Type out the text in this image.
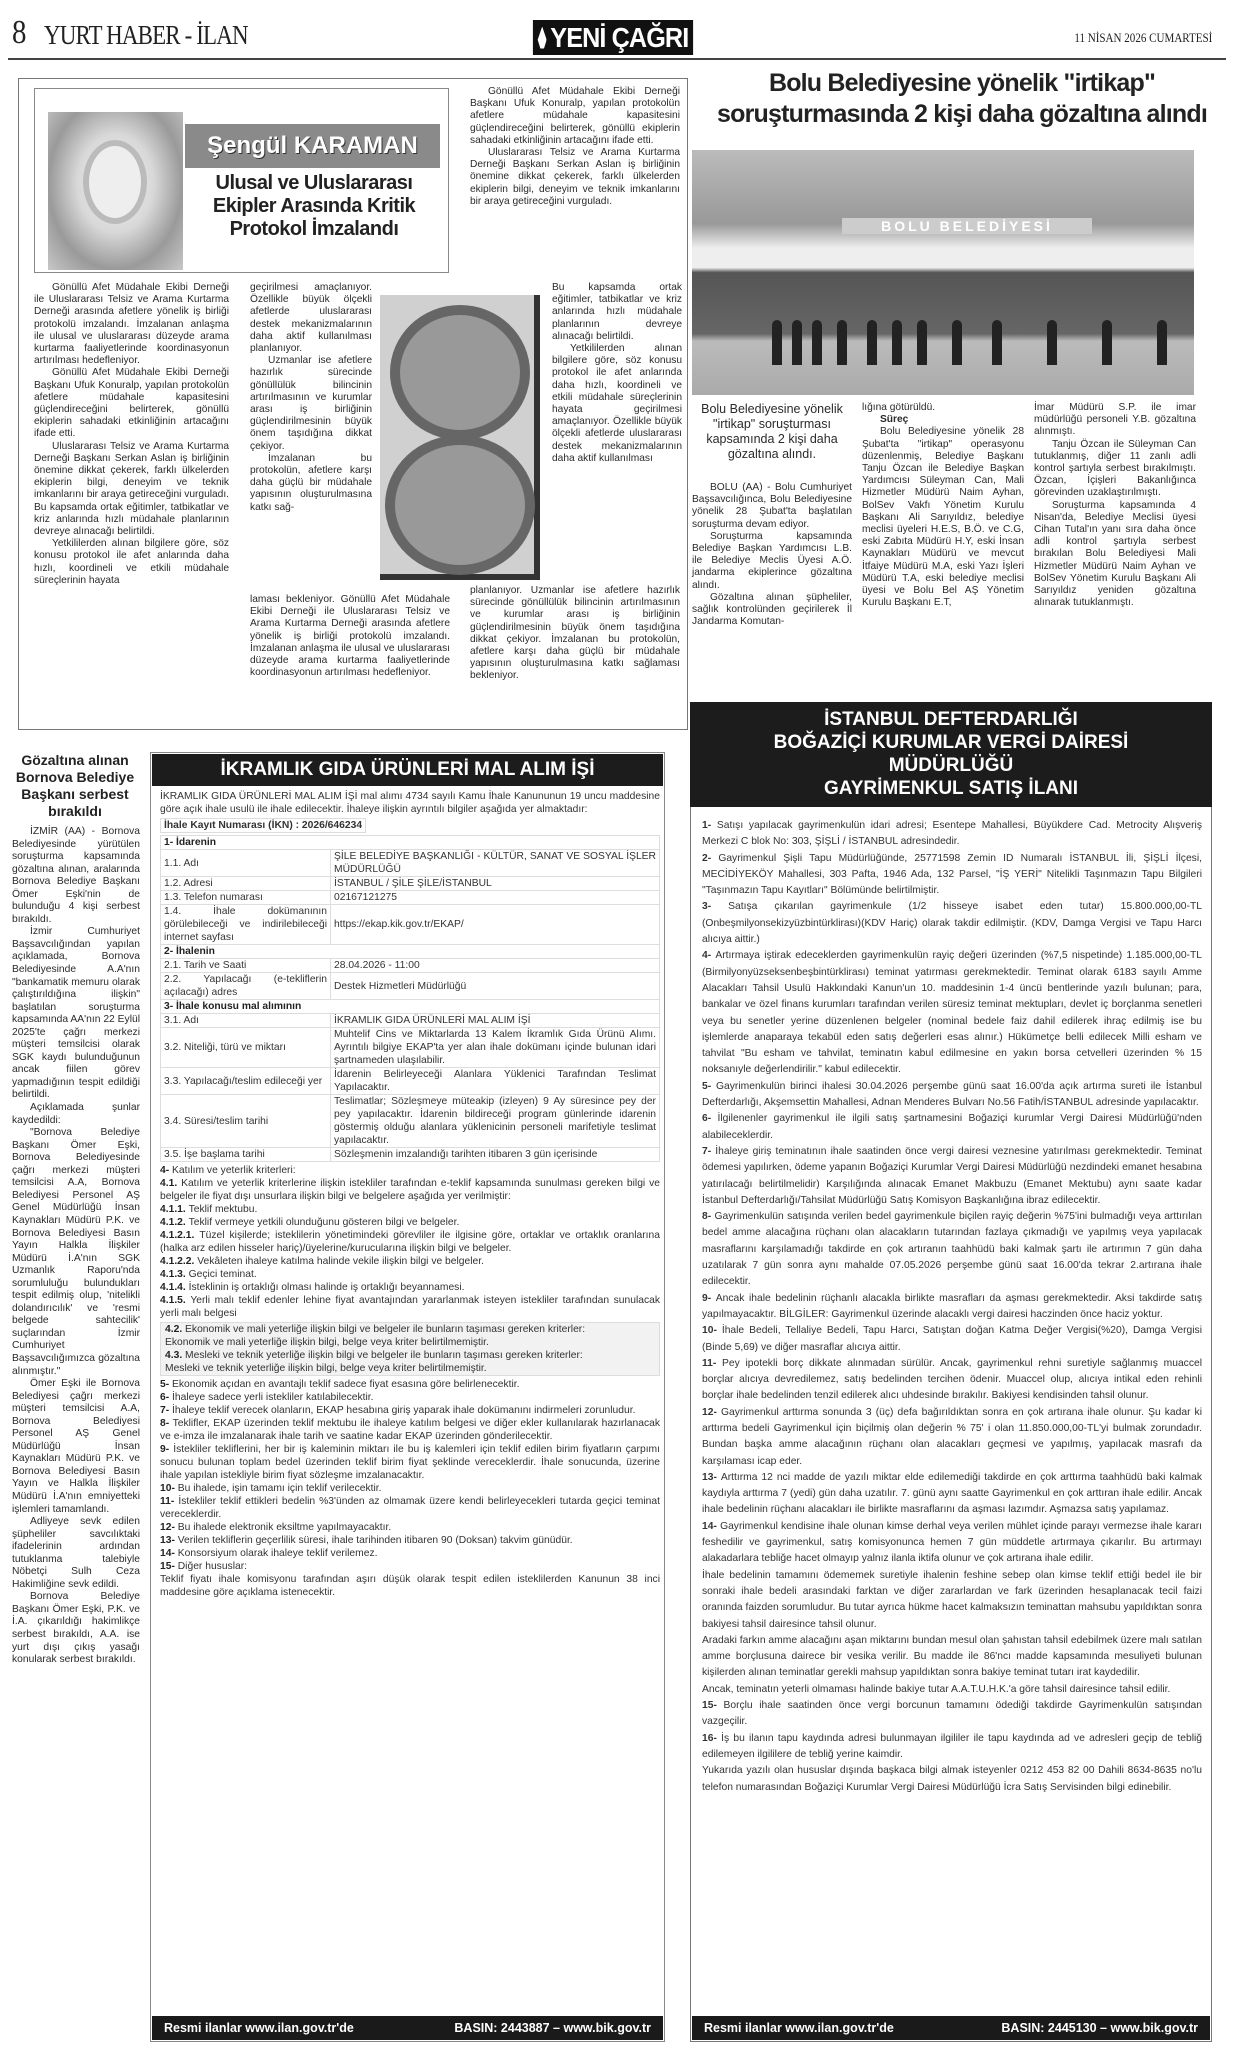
8 YURT HABER - İLAN	YENİ ÇAĞRI	11 NİSAN 2026 CUMARTESİ
Şengül KARAMAN
Ulusal ve Uluslararası Ekipler Arasında Kritik Protokol İmzalandı

Gönüllü Afet Müdahale Ekibi Derneği ile Uluslararası Telsiz ve Arama Kurtarma Derneği arasında afetlere yönelik iş birliği protokolü imzalandı. İmzalanan anlaşma ile ulusal ve uluslararası düzeyde arama kurtarma faaliyetlerinde koordinasyonun artırılması hedefleniyor.

Gönüllü Afet Müdahale Ekibi Derneği Başkanı Ufuk Konuralp, yapılan protokolün afetlere müdahale kapasitesini güçlendireceğini belirterek, gönüllü ekiplerin sahadaki etkinliğinin artacağını ifade etti.

Uluslararası Telsiz ve Arama Kurtarma Derneği Başkanı Serkan Aslan iş birliğinin önemine dikkat çekerek, farklı ülkelerden ekiplerin bilgi, deneyim ve teknik imkanlarını bir araya getireceğini vurguladı. Bu kapsamda ortak eğitimler, tatbikatlar ve kriz anlarında hızlı müdahale planlarının devreye alınacağı belirtildi.

Yetkililerden alınan bilgilere göre, söz konusu protokol ile afet anlarında daha hızlı, koordineli ve etkili müdahale süreçlerinin hayata

geçirilmesi amaçlanıyor. Özellikle büyük ölçekli afetlerde uluslararası destek mekanizmalarının daha aktif kullanılması planlanıyor.

Uzmanlar ise afetlere hazırlık sürecinde gönüllülük bilincinin artırılmasının ve kurumlar arası iş birliğinin güçlendirilmesinin büyük önem taşıdığına dikkat çekiyor.

İmzalanan bu protokolün, afetlere karşı daha güçlü bir müdahale yapısının oluşturulmasına katkı sağ-

laması bekleniyor. Gönüllü Afet Müdahale Ekibi Derneği ile Uluslararası Telsiz ve Arama Kurtarma Derneği arasında afetlere yönelik iş birliği protokolü imzalandı. İmzalanan anlaşma ile ulusal ve uluslararası düzeyde arama kurtarma faaliyetlerinde koordinasyonun artırılması hedefleniyor.

Gönüllü Afet Müdahale Ekibi Derneği Başkanı Ufuk Konuralp, yapılan protokolün afetlere müdahale kapasitesini güçlendireceğini belirterek, gönüllü ekiplerin sahadaki etkinliğinin artacağını ifade etti.

Uluslararası Telsiz ve Arama Kurtarma Derneği Başkanı Serkan Aslan iş birliğinin önemine dikkat çekerek, farklı ülkelerden ekiplerin bilgi, deneyim ve teknik imkanlarını bir araya getireceğini vurguladı.

Bu kapsamda ortak eğitimler, tatbikatlar ve kriz anlarında hızlı müdahale planlarının devreye alınacağı belirtildi.

Yetkililerden alınan bilgilere göre, söz konusu protokol ile afet anlarında daha hızlı, koordineli ve etkili müdahale süreçlerinin hayata geçirilmesi amaçlanıyor. Özellikle büyük ölçekli afetlerde uluslararası destek mekanizmalarının daha aktif kullanılması

planlanıyor. Uzmanlar ise afetlere hazırlık sürecinde gönüllülük bilincinin artırılmasının ve kurumlar arası iş birliğinin güçlendirilmesinin büyük önem taşıdığına dikkat çekiyor. İmzalanan bu protokolün, afetlere karşı daha güçlü bir müdahale yapısının oluşturulmasına katkı sağlaması bekleniyor.

Bolu Belediyesine yönelik "irtikap" soruşturmasında 2 kişi daha gözaltına alındı
BOLU BELEDİYESİ
Bolu Belediyesine yönelik "irtikap" soruşturması kapsamında 2 kişi daha gözaltına alındı.

BOLU (AA) - Bolu Cumhuriyet Başsavcılığınca, Bolu Belediyesine yönelik 28 Şubat'ta başlatılan soruşturma devam ediyor.

Soruşturma kapsamında Belediye Başkan Yardımcısı L.B. ile Belediye Meclis Üyesi A.Ö. jandarma ekiplerince gözaltına alındı.

Gözaltına alınan şüpheliler, sağlık kontrolünden geçirilerek İl Jandarma Komutan-

lığına götürüldü.

Süreç

Bolu Belediyesine yönelik 28 Şubat'ta "irtikap" operasyonu düzenlenmiş, Belediye Başkanı Tanju Özcan ile Belediye Başkan Yardımcısı Süleyman Can, Mali Hizmetler Müdürü Naim Ayhan, BolSev Vakfı Yönetim Kurulu Başkanı Ali Sarıyıldız, belediye meclisi üyeleri H.E.S, B.Ö. ve C.G, eski Zabıta Müdürü H.Y, eski İnsan Kaynakları Müdürü ve mevcut İtfaiye Müdürü M.A, eski Yazı İşleri Müdürü T.A, eski belediye meclisi üyesi ve Bolu Bel AŞ Yönetim Kurulu Başkanı E.T,

İmar Müdürü S.P. ile imar müdürlüğü personeli Y.B. gözaltına alınmıştı.

Tanju Özcan ile Süleyman Can tutuklanmış, diğer 11 zanlı adli kontrol şartıyla serbest bırakılmıştı. Özcan, İçişleri Bakanlığınca görevinden uzaklaştırılmıştı.

Soruşturma kapsamında 4 Nisan'da, Belediye Meclisi üyesi Cihan Tutal'ın yanı sıra daha önce adli kontrol şartıyla serbest bırakılan Bolu Belediyesi Mali Hizmetler Müdürü Naim Ayhan ve BolSev Yönetim Kurulu Başkanı Ali Sarıyıldız yeniden gözaltına alınarak tutuklanmıştı.

Gözaltına alınan Bornova Belediye Başkanı serbest bırakıldı

İZMİR (AA) - Bornova Belediyesinde yürütülen soruşturma kapsamında gözaltına alınan, aralarında Bornova Belediye Başkanı Ömer Eşki'nin de bulunduğu 4 kişi serbest bırakıldı.

İzmir Cumhuriyet Başsavcılığından yapılan açıklamada, Bornova Belediyesinde A.A'nın "bankamatik memuru olarak çalıştırıldığına ilişkin" başlatılan soruşturma kapsamında AA'nın 22 Eylül 2025'te çağrı merkezi müşteri temsilcisi olarak SGK kaydı bulunduğunun ancak fiilen görev yapmadığının tespit edildiği belirtildi.

Açıklamada şunlar kaydedildi:

"Bornova Belediye Başkanı Ömer Eşki, Bornova Belediyesinde çağrı merkezi müşteri temsilcisi A.A, Bornova Belediyesi Personel AŞ Genel Müdürlüğü İnsan Kaynakları Müdürü P.K. ve Bornova Belediyesi Basın Yayın Halkla İlişkiler Müdürü İ.A'nın SGK Uzmanlık Raporu'nda sorumluluğu bulundukları tespit edilmiş olup, 'nitelikli dolandırıcılık' ve 'resmi belgede sahtecilik' suçlarından İzmir Cumhuriyet Başsavcılığımızca gözaltına alınmıştır."

Ömer Eşki ile Bornova Belediyesi çağrı merkezi müşteri temsilcisi A.A, Bornova Belediyesi Personel AŞ Genel Müdürlüğü İnsan Kaynakları Müdürü P.K. ve Bornova Belediyesi Basın Yayın ve Halkla İlişkiler Müdürü İ.A'nın emniyetteki işlemleri tamamlandı.

Adliyeye sevk edilen şüpheliler savcılıktaki ifadelerinin ardından tutuklanma talebiyle Nöbetçi Sulh Ceza Hakimliğine sevk edildi.

Bornova Belediye Başkanı Ömer Eşki, P.K. ve İ.A. çıkarıldığı hakimlikçe serbest bırakıldı, A.A. ise yurt dışı çıkış yasağı konularak serbest bırakıldı.

İKRAMLIK GIDA ÜRÜNLERİ MAL ALIM İŞİ
İKRAMLIK GIDA ÜRÜNLERİ MAL ALIM İŞİ mal alımı 4734 sayılı Kamu İhale Kanununun 19 uncu maddesine göre açık ihale usulü ile ihale edilecektir. İhaleye ilişkin ayrıntılı bilgiler aşağıda yer almaktadır:
İhale Kayıt Numarası (İKN) : 2026/646234
1- İdarenin	
1.1. Adı	ŞİLE BELEDİYE BAŞKANLIĞI - KÜLTÜR, SANAT VE SOSYAL İŞLER MÜDÜRLÜĞÜ
1.2. Adresi	İSTANBUL / ŞİLE ŞİLE/İSTANBUL
1.3. Telefon numarası	02167121275
1.4. İhale dokümanının görülebileceği ve indirilebileceği internet sayfası	https://ekap.kik.gov.tr/EKAP/
2- İhalenin	
2.1. Tarih ve Saati	28.04.2026 - 11:00
2.2. Yapılacağı (e-tekliflerin açılacağı) adres	Destek Hizmetleri Müdürlüğü
3- İhale konusu mal alımının	
3.1. Adı	İKRAMLIK GIDA ÜRÜNLERİ MAL ALIM İŞİ
3.2. Niteliği, türü ve miktarı	Muhtelif Cins ve Miktarlarda 13 Kalem İkramlık Gıda Ürünü Alımı. Ayrıntılı bilgiye EKAP'ta yer alan ihale dokümanı içinde bulunan idari şartnameden ulaşılabilir.
3.3. Yapılacağı/teslim edileceği yer	İdarenin Belirleyeceği Alanlara Yüklenici Tarafından Teslimat Yapılacaktır.
3.4. Süresi/teslim tarihi	Teslimatlar; Sözleşmeye müteakip (izleyen) 9 Ay süresince pey der pey yapılacaktır. İdarenin bildireceği program günlerinde idarenin göstermiş olduğu alanlara yüklenicinin personeli marifetiyle teslimat yapılacaktır.
3.5. İşe başlama tarihi	Sözleşmenin imzalandığı tarihten itibaren 3 gün içerisinde
4- Katılım ve yeterlik kriterleri:
4.1. Katılım ve yeterlik kriterlerine ilişkin istekliler tarafından e-teklif kapsamında sunulması gereken bilgi ve belgeler ile fiyat dışı unsurlara ilişkin bilgi ve belgelere aşağıda yer verilmiştir:
4.1.1. Teklif mektubu.
4.1.2. Teklif vermeye yetkili olunduğunu gösteren bilgi ve belgeler.
4.1.2.1. Tüzel kişilerde; isteklilerin yönetimindeki görevliler ile ilgisine göre, ortaklar ve ortaklık oranlarına (halka arz edilen hisseler hariç)/üyelerine/kurucularına ilişkin bilgi ve belgeler.
4.1.2.2. Vekâleten ihaleye katılma halinde vekile ilişkin bilgi ve belgeler.
4.1.3. Geçici teminat.
4.1.4. İsteklinin iş ortaklığı olması halinde iş ortaklığı beyannamesi.
4.1.5. Yerli malı teklif edenler lehine fiyat avantajından yararlanmak isteyen istekliler tarafından sunulacak yerli malı belgesi
4.2. Ekonomik ve mali yeterliğe ilişkin bilgi ve belgeler ile bunların taşıması gereken kriterler:
Ekonomik ve mali yeterliğe ilişkin bilgi, belge veya kriter belirtilmemiştir.
4.3. Mesleki ve teknik yeterliğe ilişkin bilgi ve belgeler ile bunların taşıması gereken kriterler:
Mesleki ve teknik yeterliğe ilişkin bilgi, belge veya kriter belirtilmemiştir.
5- Ekonomik açıdan en avantajlı teklif sadece fiyat esasına göre belirlenecektir.
6- İhaleye sadece yerli istekliler katılabilecektir.
7- İhaleye teklif verecek olanların, EKAP hesabına giriş yaparak ihale dokümanını indirmeleri zorunludur.
8- Teklifler, EKAP üzerinden teklif mektubu ile ihaleye katılım belgesi ve diğer ekler kullanılarak hazırlanacak ve e-imza ile imzalanarak ihale tarih ve saatine kadar EKAP üzerinden gönderilecektir.
9- İstekliler tekliflerini, her bir iş kaleminin miktarı ile bu iş kalemleri için teklif edilen birim fiyatların çarpımı sonucu bulunan toplam bedel üzerinden teklif birim fiyat şeklinde vereceklerdir. İhale sonucunda, üzerine ihale yapılan istekliyle birim fiyat sözleşme imzalanacaktır.
10- Bu ihalede, işin tamamı için teklif verilecektir.
11- İstekliler teklif ettikleri bedelin %3'ünden az olmamak üzere kendi belirleyecekleri tutarda geçici teminat vereceklerdir.
12- Bu ihalede elektronik eksiltme yapılmayacaktır.
13- Verilen tekliflerin geçerlilik süresi, ihale tarihinden itibaren 90 (Doksan) takvim günüdür.
14- Konsorsiyum olarak ihaleye teklif verilemez.
15- Diğer hususlar:
Teklif fiyatı ihale komisyonu tarafından aşırı düşük olarak tespit edilen isteklilerden Kanunun 38 inci maddesine göre açıklama istenecektir.
Resmi ilanlar www.ilan.gov.tr'de	BASIN: 2443887 – www.bik.gov.tr
İSTANBUL DEFTERDARLIĞI
BOĞAZİÇİ KURUMLAR VERGİ DAİRESİ
MÜDÜRLÜĞÜ
GAYRİMENKUL SATIŞ İLANI
1- Satışı yapılacak gayrimenkulün idari adresi; Esentepe Mahallesi, Büyükdere Cad. Metrocity Alışveriş Merkezi C blok No: 303, ŞİŞLİ / İSTANBUL adresindedir.
2- Gayrimenkul Şişli Tapu Müdürlüğünde, 25771598 Zemin ID Numaralı İSTANBUL İli, ŞİŞLİ İlçesi, MECİDİYEKÖY Mahallesi, 303 Pafta, 1946 Ada, 132 Parsel, "İŞ YERİ" Nitelikli Taşınmazın Tapu Bilgileri "Taşınmazın Tapu Kayıtları" Bölümünde belirtilmiştir.
3- Satışa çıkarılan gayrimenkule (1/2 hisseye isabet eden tutar) 15.800.000,00-TL (Onbeşmilyonsekizyüzbintürklirası)(KDV Hariç) olarak takdir edilmiştir. (KDV, Damga Vergisi ve Tapu Harcı alıcıya aittir.)
4- Artırmaya iştirak edeceklerden gayrimenkulün rayiç değeri üzerinden (%7,5 nispetinde) 1.185.000,00-TL (Birmilyonyüzseksenbeşbintürklirası) teminat yatırması gerekmektedir. Teminat olarak 6183 sayılı Amme Alacakları Tahsil Usulü Hakkındaki Kanun'un 10. maddesinin 1-4 üncü bentlerinde yazılı bulunan; para, bankalar ve özel finans kurumları tarafından verilen süresiz teminat mektupları, devlet iç borçlanma senetleri veya bu senetler yerine düzenlenen belgeler (nominal bedele faiz dahil edilerek ihraç edilmiş ise bu işlemlerde anaparaya tekabül eden satış değerleri esas alınır.) Hükümetçe belli edilecek Milli esham ve tahvilat "Bu esham ve tahvilat, teminatın kabul edilmesine en yakın borsa cetvelleri üzerinden % 15 noksanıyle değerlendirilir." kabul edilecektir.
5- Gayrimenkulün birinci ihalesi 30.04.2026 perşembe günü saat 16.00'da açık artırma sureti ile İstanbul Defterdarlığı, Akşemsettin Mahallesi, Adnan Menderes Bulvarı No.56 Fatih/İSTANBUL adresinde yapılacaktır.
6- İlgilenenler gayrimenkul ile ilgili satış şartnamesini Boğaziçi kurumlar Vergi Dairesi Müdürlüğü'nden alabileceklerdir.
7- İhaleye giriş teminatının ihale saatinden önce vergi dairesi veznesine yatırılması gerekmektedir. Teminat ödemesi yapılırken, ödeme yapanın Boğaziçi Kurumlar Vergi Dairesi Müdürlüğü nezdindeki emanet hesabına yatırılacağı belirtilmelidir) Karşılığında alınacak Emanet Makbuzu (Emanet Mektubu) aynı saate kadar İstanbul Defterdarlığı/Tahsilat Müdürlüğü Satış Komisyon Başkanlığına ibraz edilecektir.
8- Gayrimenkulün satışında verilen bedel gayrimenkule biçilen rayiç değerin %75'ini bulmadığı veya arttırılan bedel amme alacağına rüçhanı olan alacakların tutarından fazlaya çıkmadığı ve yapılmış veya yapılacak masraflarını karşılamadığı takdirde en çok artıranın taahhüdü baki kalmak şartı ile artırımın 7 gün daha uzatılarak 7 gün sonra aynı mahalde 07.05.2026 perşembe günü saat 16.00'da tekrar 2.artırana ihale edilecektir.
9- Ancak ihale bedelinin rüçhanlı alacakla birlikte masrafları da aşması gerekmektedir. Aksi takdirde satış yapılmayacaktır. BİLGİLER: Gayrimenkul üzerinde alacaklı vergi dairesi haczinden önce haciz yoktur.
10- İhale Bedeli, Tellaliye Bedeli, Tapu Harcı, Satıştan doğan Katma Değer Vergisi(%20), Damga Vergisi (Binde 5,69) ve diğer masraflar alıcıya aittir.
11- Pey ipotekli borç dikkate alınmadan sürülür. Ancak, gayrimenkul rehni suretiyle sağlanmış muaccel borçlar alıcıya devredilemez, satış bedelinden tercihen ödenir. Muaccel olup, alıcıya intikal eden rehinli borçlar ihale bedelinden tenzil edilerek alıcı uhdesinde bırakılır. Bakiyesi kendisinden tahsil olunur.
12- Gayrimenkul arttırma sonunda 3 (üç) defa bağırıldıktan sonra en çok artırana ihale olunur. Şu kadar ki arttırma bedeli Gayrimenkul için biçilmiş olan değerin % 75' i olan 11.850.000,00-TL'yi bulmak zorundadır. Bundan başka amme alacağının rüçhanı olan alacakları geçmesi ve yapılmış, yapılacak masrafı da karşılaması icap eder.
13- Arttırma 12 nci madde de yazılı miktar elde edilemediği takdirde en çok arttırma taahhüdü baki kalmak kaydıyla arttırma 7 (yedi) gün daha uzatılır. 7. günü aynı saatte Gayrimenkul en çok arttıran ihale edilir. Ancak ihale bedelinin rüçhanı alacakları ile birlikte masraflarını da aşması lazımdır. Aşmazsa satış yapılamaz.
14- Gayrimenkul kendisine ihale olunan kimse derhal veya verilen mühlet içinde parayı vermezse ihale kararı feshedilir ve gayrimenkul, satış komisyonunca hemen 7 gün müddetle artırmaya çıkarılır. Bu artırmayı alakadarlara tebliğe hacet olmayıp yalnız ilanla iktifa olunur ve çok artırana ihale edilir.
İhale bedelinin tamamını ödememek suretiyle ihalenin feshine sebep olan kimse teklif ettiği bedel ile bir sonraki ihale bedeli arasındaki farktan ve diğer zararlardan ve fark üzerinden hesaplanacak tecil faizi oranında faizden sorumludur. Bu tutar ayrıca hükme hacet kalmaksızın teminattan mahsubu yapıldıktan sonra bakiyesi tahsil dairesince tahsil olunur.
Aradaki farkın amme alacağını aşan miktarını bundan mesul olan şahıstan tahsil edebilmek üzere malı satılan amme borçlusuna dairece bir vesika verilir. Bu madde ile 86'ncı madde kapsamında mesuliyeti bulunan kişilerden alınan teminatlar gerekli mahsup yapıldıktan sonra bakiye teminat tutarı irat kaydedilir.
Ancak, teminatın yeterli olmaması halinde bakiye tutar A.A.T.U.H.K.'a göre tahsil dairesince tahsil edilir.
15- Borçlu ihale saatinden önce vergi borcunun tamamını ödediği takdirde Gayrimenkulün satışından vazgeçilir.
16- İş bu ilanın tapu kaydında adresi bulunmayan ilgililer ile tapu kaydında ad ve adresleri geçip de tebliğ edilemeyen ilgililere de tebliğ yerine kaimdir.
Yukarıda yazılı olan hususlar dışında başkaca bilgi almak isteyenler 0212 453 82 00 Dahili 8634-8635 no'lu telefon numarasından Boğaziçi Kurumlar Vergi Dairesi Müdürlüğü İcra Satış Servisinden bilgi edinebilir.
Resmi ilanlar www.ilan.gov.tr'de	BASIN: 2445130 – www.bik.gov.tr
